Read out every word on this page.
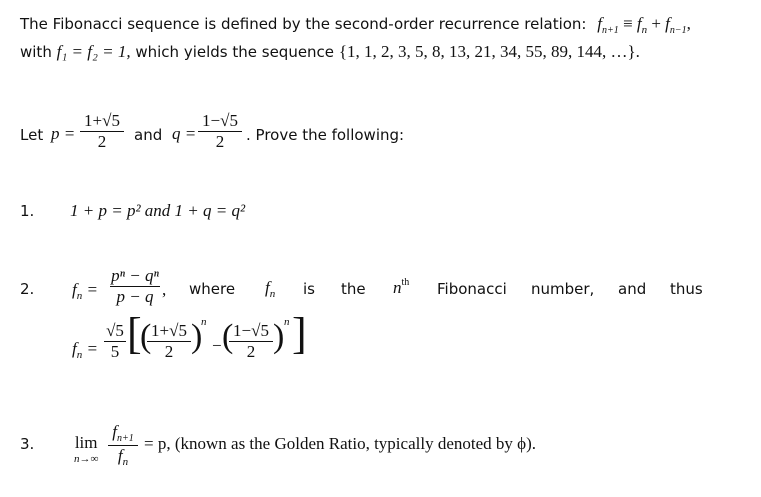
The Fibonacci sequence is defined by the second-order recurrence relation: $f_{n+1} \equiv f_n + f_{n-1}$,
with f₁ = f₂ = 1, which yields the sequence {1, 1, 2, 3, 5, 8, 13, 21, 34, 55, 89, 144, …}.
Let p =
1+√5
2	and q =
1−√5
2	. Prove the following:
1. 1 + p = p² and 1 + q = q²
2. $f_n$ =
pⁿ − qⁿ
p − q , where $f_n$ is the $n^{th}$ Fibonacci number, and thus
$f_n$ =
√5
5 [
( 1+√5
2 )
n
− ( 1−√5
2 ) n ]
3. lim
n→∞
$f_{n+1}$
$f_n$
= p, (known as the Golden Ratio, typically denoted by ϕ).
